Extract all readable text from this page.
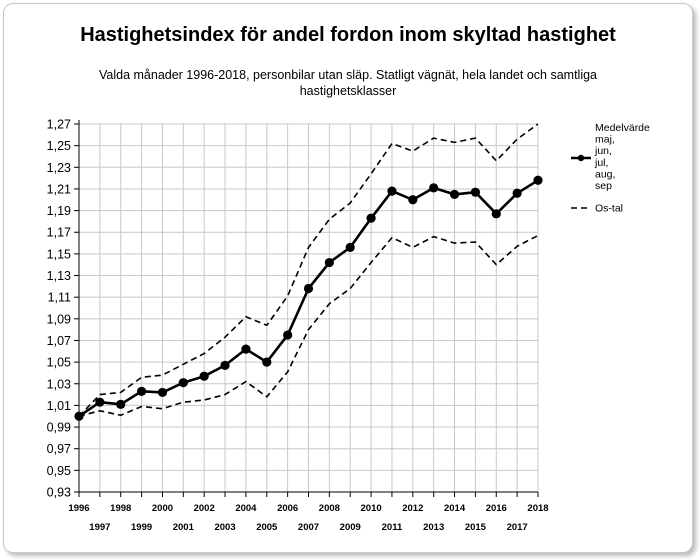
Hastighetsindex för andel fordon inom skyltad hastighet
Valda månader 1996-2018, personbilar utan släp. Statligt vägnät, hela landet och samtliga hastighetsklasser
0,93
0,95
0,97
0,99
1,01
1,03
1,05
1,07
1,09
1,11
1,13
1,15
1,17
1,19
1,21
1,23
1,25
1,27
1996 1998 2000 2002 2004 2006 2008 2010 2012 2014 2016 2018
1997 1999 2001 2003 2005 2007 2009 2011 2013 2015 2017
Medelvärde
maj,
jun,
jul,
aug,
sep
Os-tal
